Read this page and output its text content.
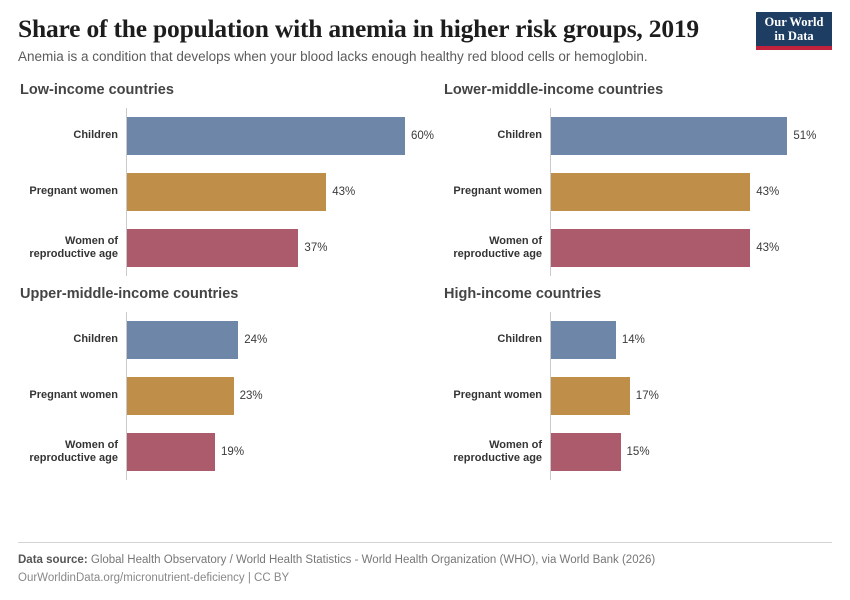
Share of the population with anemia in higher risk groups, 2019

Anemia is a condition that develops when your blood lacks enough healthy red blood cells or hemoglobin.

Our World
in Data
Low-income countries
Children	60%
Pregnant women	43%
Women of
reproductive age	37%
Lower-middle-income countries
Children	51%
Pregnant women	43%
Women of
reproductive age	43%
Upper-middle-income countries
Children	24%
Pregnant women	23%
Women of
reproductive age	19%
High-income countries
Children	14%
Pregnant women	17%
Women of
reproductive age	15%
Data source: Global Health Observatory / World Health Statistics - World Health Organization (WHO), via World Bank (2026)
OurWorldinData.org/micronutrient-deficiency | CC BY
